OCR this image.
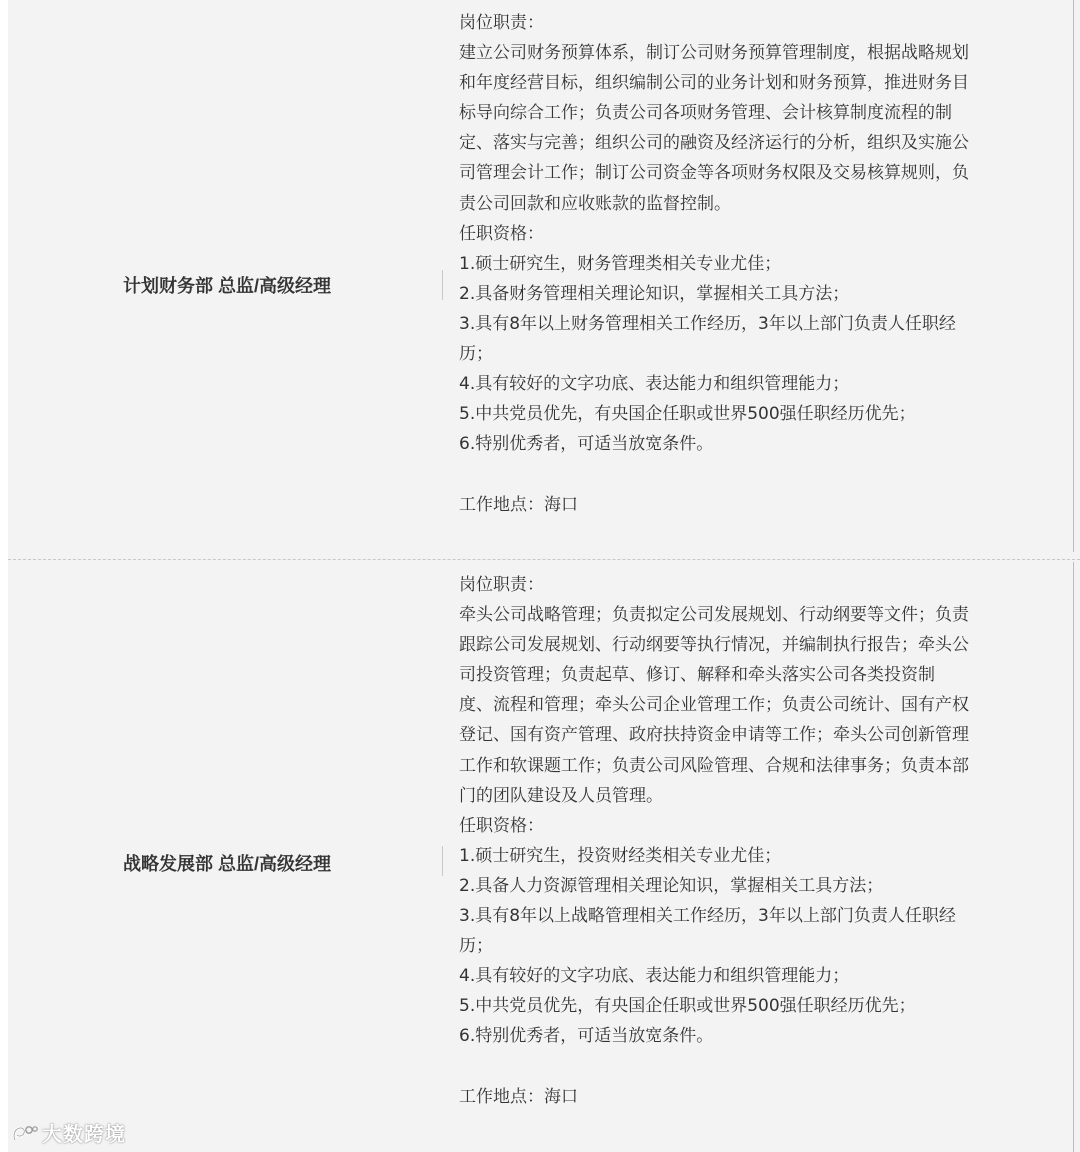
计划财务部 总监/高级经理
岗位职责：
建立公司财务预算体系，制订公司财务预算管理制度，根据战略规划
和年度经营目标，组织编制公司的业务计划和财务预算，推进财务目
标导向综合工作；负责公司各项财务管理、会计核算制度流程的制
定、落实与完善；组织公司的融资及经济运行的分析，组织及实施公
司管理会计工作；制订公司资金等各项财务权限及交易核算规则，负
责公司回款和应收账款的监督控制。
任职资格：
1.硕士研究生，财务管理类相关专业尤佳；
2.具备财务管理相关理论知识，掌握相关工具方法；
3.具有8年以上财务管理相关工作经历，3年以上部门负责人任职经
历；
4.具有较好的文字功底、表达能力和组织管理能力；
5.中共党员优先，有央国企任职或世界500强任职经历优先；
6.特别优秀者，可适当放宽条件。
工作地点：海口
战略发展部 总监/高级经理
岗位职责：
牵头公司战略管理；负责拟定公司发展规划、行动纲要等文件；负责
跟踪公司发展规划、行动纲要等执行情况，并编制执行报告；牵头公
司投资管理；负责起草、修订、解释和牵头落实公司各类投资制
度、流程和管理；牵头公司企业管理工作；负责公司统计、国有产权
登记、国有资产管理、政府扶持资金申请等工作；牵头公司创新管理
工作和软课题工作；负责公司风险管理、合规和法律事务；负责本部
门的团队建设及人员管理。
任职资格：
1.硕士研究生，投资财经类相关专业尤佳；
2.具备人力资源管理相关理论知识，掌握相关工具方法；
3.具有8年以上战略管理相关工作经历，3年以上部门负责人任职经
历；
4.具有较好的文字功底、表达能力和组织管理能力；
5.中共党员优先，有央国企任职或世界500强任职经历优先；
6.特别优秀者，可适当放宽条件。
工作地点：海口
大数跨境
